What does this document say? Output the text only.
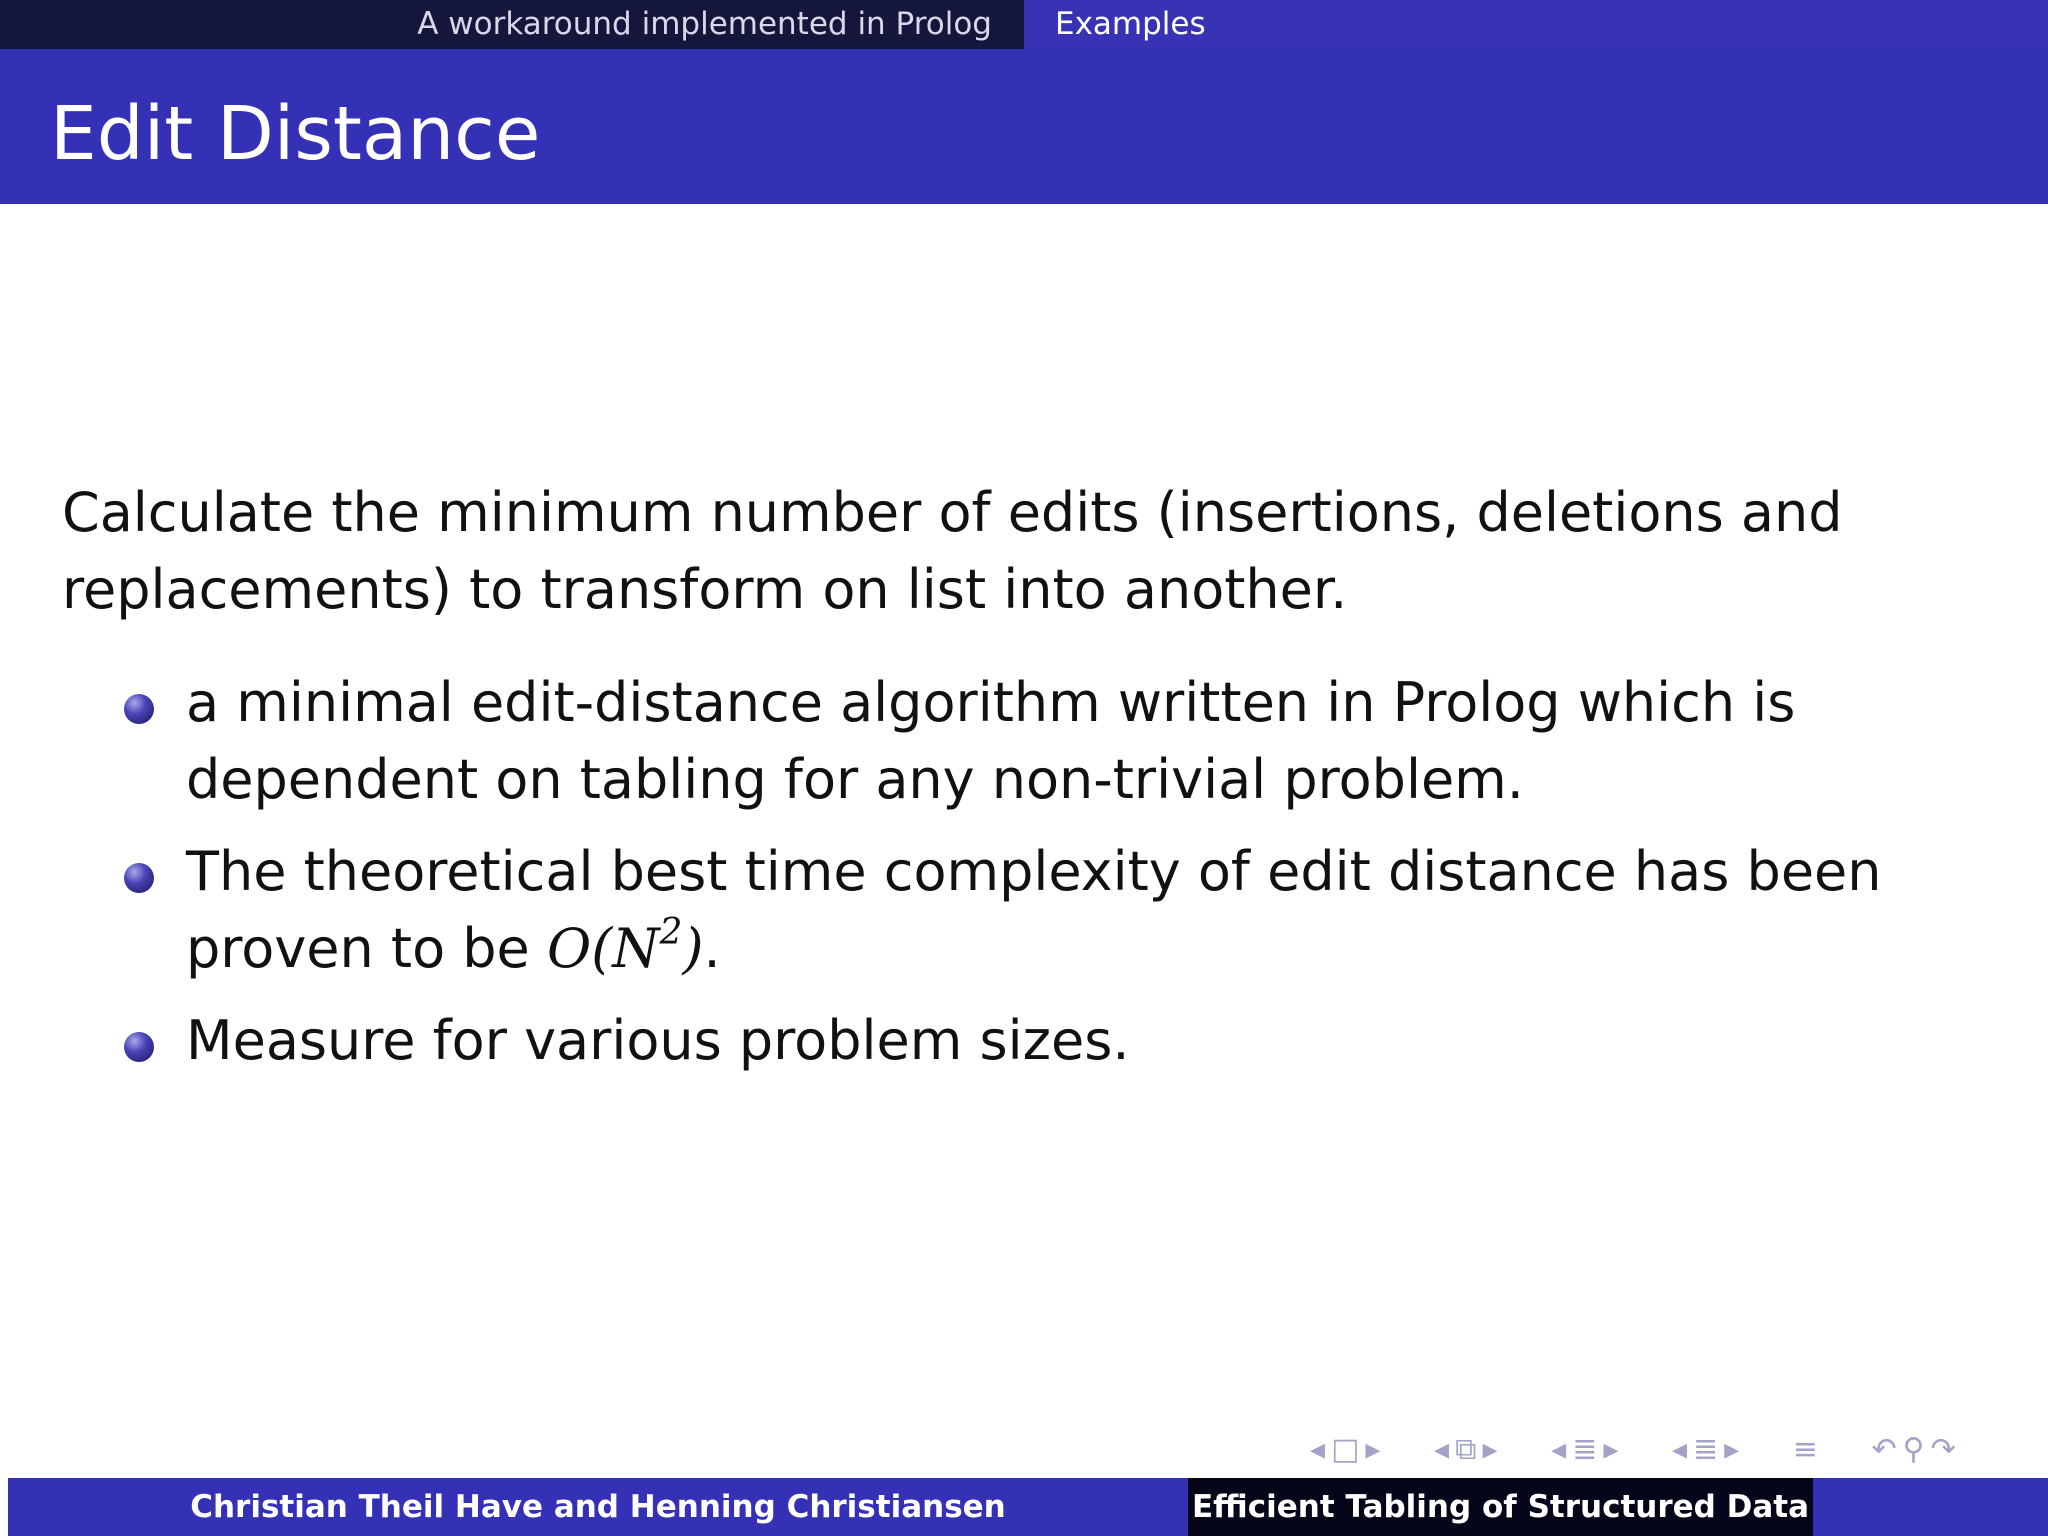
A workaround implemented in Prolog Examples
Edit Distance

Calculate the minimum number of edits (insertions, deletions and replacements) to transform on list into another.

a minimal edit-distance algorithm written in Prolog which is dependent on tabling for any non-trivial problem.
The theoretical best time complexity of edit distance has been proven to be $O(N^2)$.
Measure for various problem sizes.
◂ □ ▸ ◂ ⧉ ▸ ◂ ≣ ▸ ◂ ≣ ▸ ≡ ↶ ⚲ ↷
Christian Theil Have and Henning Christiansen	Efficient Tabling of Structured Data
